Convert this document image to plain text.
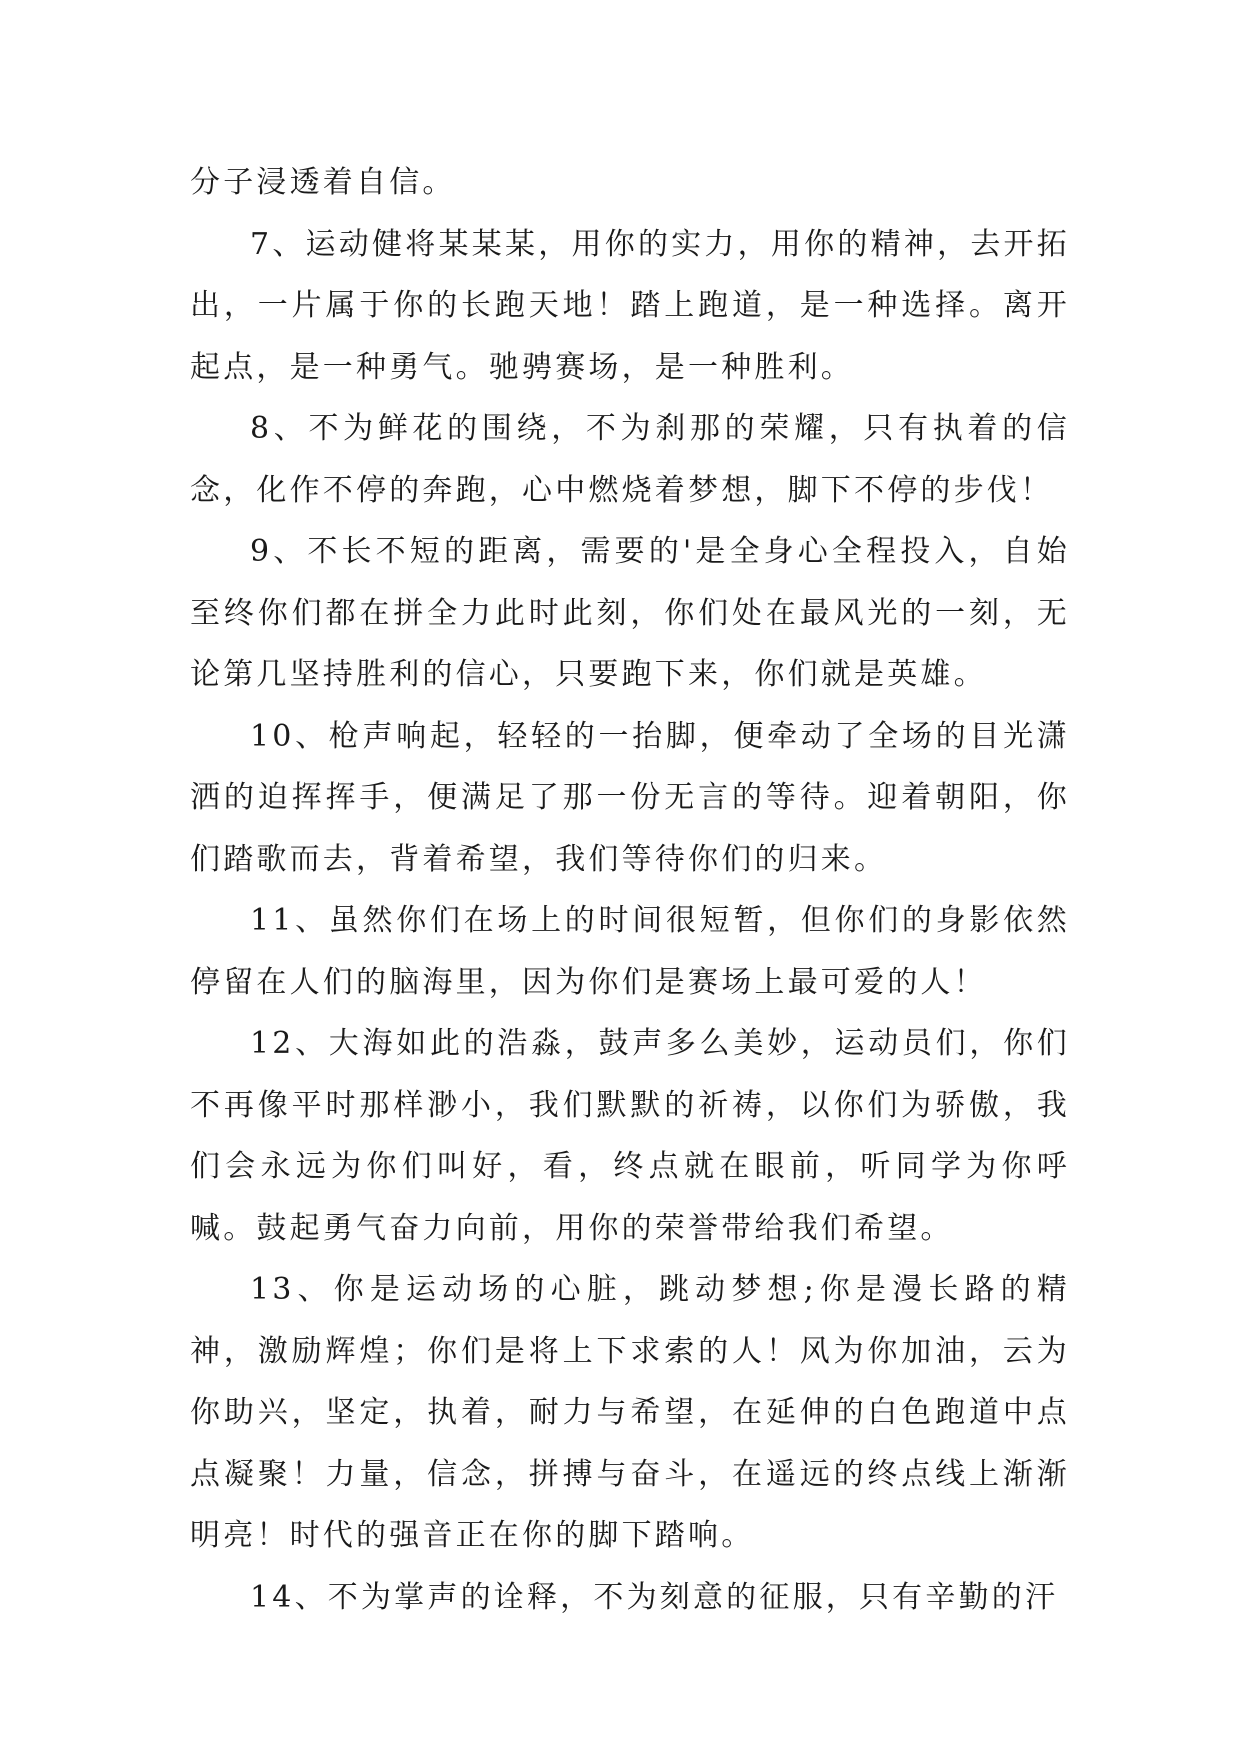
分子浸透着自信。

7、运动健将某某某，用你的实力，用你的精神，去开拓出，一片属于你的长跑天地！踏上跑道，是一种选择。离开起点，是一种勇气。驰骋赛场，是一种胜利。

8、不为鲜花的围绕，不为刹那的荣耀，只有执着的信念，化作不停的奔跑，心中燃烧着梦想，脚下不停的步伐！

9、不长不短的距离，需要的'是全身心全程投入，自始至终你们都在拼全力此时此刻，你们处在最风光的一刻，无论第几坚持胜利的信心，只要跑下来，你们就是英雄。

10、枪声响起，轻轻的一抬脚，便牵动了全场的目光潇洒的迫挥挥手，便满足了那一份无言的等待。迎着朝阳，你们踏歌而去，背着希望，我们等待你们的归来。

11、虽然你们在场上的时间很短暂，但你们的身影依然停留在人们的脑海里，因为你们是赛场上最可爱的人！

12、大海如此的浩淼，鼓声多么美妙，运动员们，你们不再像平时那样渺小，我们默默的祈祷，以你们为骄傲，我们会永远为你们叫好，看，终点就在眼前，听同学为你呼喊。鼓起勇气奋力向前，用你的荣誉带给我们希望。

13、你是运动场的心脏，跳动梦想;你是漫长路的精神，激励辉煌；你们是将上下求索的人！风为你加油，云为你助兴，坚定，执着，耐力与希望，在延伸的白色跑道中点点凝聚！力量，信念，拼搏与奋斗，在遥远的终点线上渐渐明亮！时代的强音正在你的脚下踏响。

14、不为掌声的诠释，不为刻意的征服，只有辛勤的汗
